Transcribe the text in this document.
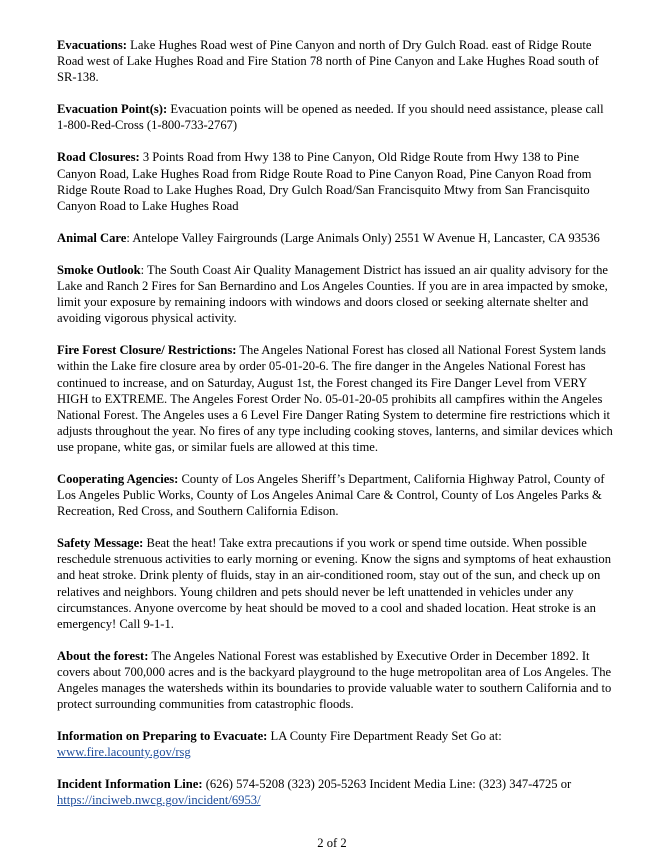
Evacuations: Lake Hughes Road west of Pine Canyon and north of Dry Gulch Road. east of Ridge Route Road west of Lake Hughes Road and Fire Station 78 north of Pine Canyon and Lake Hughes Road south of SR-138.

Evacuation Point(s): Evacuation points will be opened as needed. If you should need assistance, please call 1-800-Red-Cross (1-800-733-2767)

Road Closures: 3 Points Road from Hwy 138 to Pine Canyon, Old Ridge Route from Hwy 138 to Pine Canyon Road, Lake Hughes Road from Ridge Route Road to Pine Canyon Road, Pine Canyon Road from Ridge Route Road to Lake Hughes Road, Dry Gulch Road/San Francisquito Mtwy from San Francisquito Canyon Road to Lake Hughes Road

Animal Care: Antelope Valley Fairgrounds (Large Animals Only) 2551 W Avenue H, Lancaster, CA 93536

Smoke Outlook: The South Coast Air Quality Management District has issued an air quality advisory for the Lake and Ranch 2 Fires for San Bernardino and Los Angeles Counties. If you are in area impacted by smoke, limit your exposure by remaining indoors with windows and doors closed or seeking alternate shelter and avoiding vigorous physical activity.

Fire Forest Closure/ Restrictions: The Angeles National Forest has closed all National Forest System lands within the Lake fire closure area by order 05-01-20-6. The fire danger in the Angeles National Forest has continued to increase, and on Saturday, August 1st, the Forest changed its Fire Danger Level from VERY HIGH to EXTREME. The Angeles Forest Order No. 05-01-20-05 prohibits all campfires within the Angeles National Forest. The Angeles uses a 6 Level Fire Danger Rating System to determine fire restrictions which it adjusts throughout the year. No fires of any type including cooking stoves, lanterns, and similar devices which use propane, white gas, or similar fuels are allowed at this time.

Cooperating Agencies: County of Los Angeles Sheriff’s Department, California Highway Patrol, County of Los Angeles Public Works, County of Los Angeles Animal Care & Control, County of Los Angeles Parks & Recreation, Red Cross, and Southern California Edison.

Safety Message: Beat the heat! Take extra precautions if you work or spend time outside. When possible reschedule strenuous activities to early morning or evening. Know the signs and symptoms of heat exhaustion and heat stroke. Drink plenty of fluids, stay in an air-conditioned room, stay out of the sun, and check up on relatives and neighbors. Young children and pets should never be left unattended in vehicles under any circumstances. Anyone overcome by heat should be moved to a cool and shaded location. Heat stroke is an emergency! Call 9-1-1.

About the forest: The Angeles National Forest was established by Executive Order in December 1892. It covers about 700,000 acres and is the backyard playground to the huge metropolitan area of Los Angeles. The Angeles manages the watersheds within its boundaries to provide valuable water to southern California and to protect surrounding communities from catastrophic floods.

Information on Preparing to Evacuate: LA County Fire Department Ready Set Go at:
www.fire.lacounty.gov/rsg

Incident Information Line: (626) 574-5208 (323) 205-5263 Incident Media Line: (323) 347-4725 or
https://inciweb.nwcg.gov/incident/6953/

2 of 2
